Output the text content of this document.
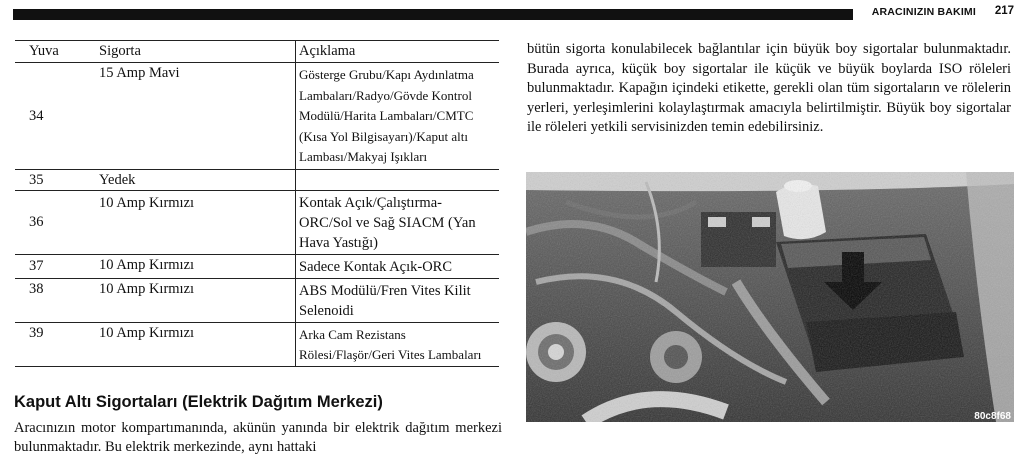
ARACINIZIN BAKIMI 217
Yuva	Sigorta	Açıklama
34	15 Amp Mavi	Gösterge Grubu/Kapı Aydınlatma
Lambaları/Radyo/Gövde Kontrol
Modülü/Harita Lambaları/CMTC
(Kısa Yol Bilgisayarı)/Kaput altı
Lambası/Makyaj Işıkları
35	Yedek	
36	10 Amp Kırmızı	Kontak Açık/Çalıştırma-
ORC/Sol ve Sağ SIACM (Yan
Hava Yastığı)
37	10 Amp Kırmızı	Sadece Kontak Açık-ORC
38	10 Amp Kırmızı	ABS Modülü/Fren Vites Kilit
Selenoidi
39	10 Amp Kırmızı	Arka Cam Rezistans
Rölesi/Flaşör/Geri Vites Lambaları
Kaput Altı Sigortaları (Elektrik Dağıtım Merkezi)
Aracınızın motor kompartımanında, akünün yanında bir elektrik dağıtım merkezi bulunmaktadır. Bu elektrik merkezinde, aynı hattaki
bütün sigorta konulabilecek bağlantılar için büyük boy sigortalar bulunmaktadır. Burada ayrıca, küçük boy sigortalar ile küçük ve büyük boylarda ISO röleleri bulunmaktadır. Kapağın içindeki etikette, gerekli olan tüm sigortaların ve rölelerin yerleri, yerleşimlerini kolaylaştırmak amacıyla belirtilmiştir. Büyük boy sigortalar ile röleleri yetkili servisinizden temin edebilirsiniz.
80c8f68
